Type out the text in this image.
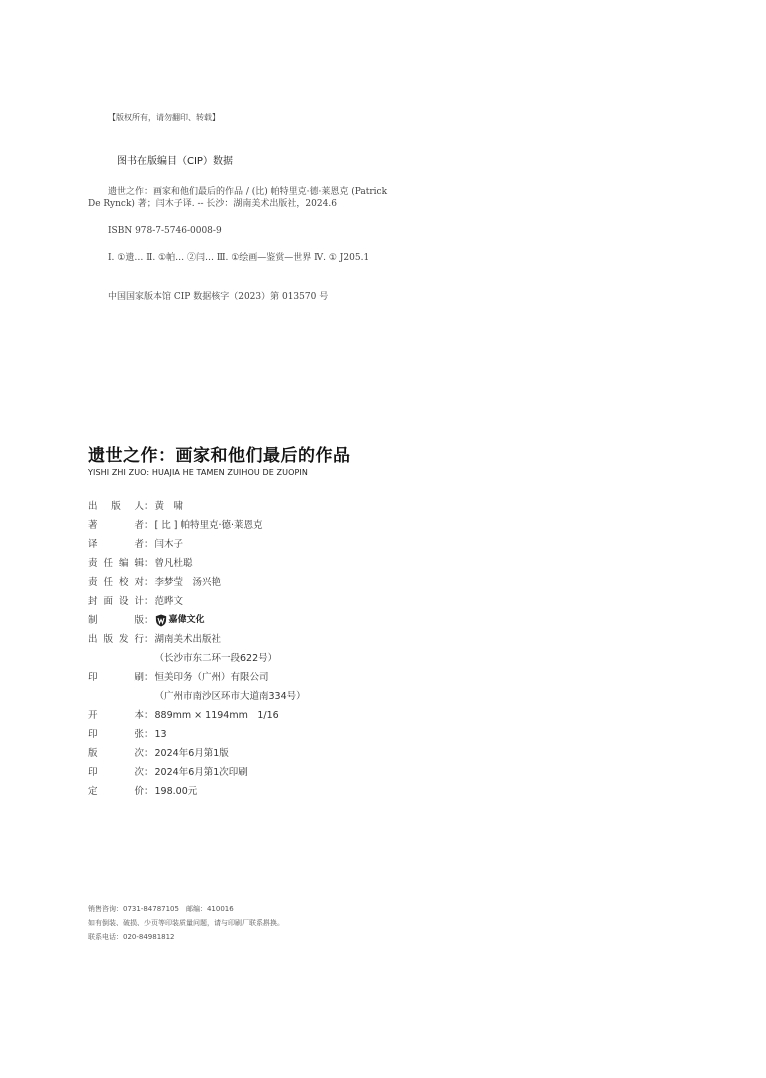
【版权所有，请勿翻印、转载】
图书在版编目（CIP）数据
遗世之作：画家和他们最后的作品 / (比) 帕特里克·德·莱恩克 (Patrick De Rynck) 著；闫木子译. -- 长沙：湖南美术出版社，2024.6
ISBN 978-7-5746-0008-9
Ⅰ. ①遗… Ⅱ. ①帕… ②闫… Ⅲ. ①绘画—鉴赏—世界 Ⅳ. ① J205.1
中国国家版本馆 CIP 数据核字（2023）第 013570 号
遗世之作：画家和他们最后的作品
YISHI ZHI ZUO: HUAJIA HE TAMEN ZUIHOU DE ZUOPIN
出版人 ： 黄　啸
著者 ： [ 比 ] 帕特里克·德·莱恩克
译者 ： 闫木子
责任编辑 ： 曾凡杜聪
责任校对 ： 李梦莹　汤兴艳
封面设计 ： 范晔文
制版 ： 嘉偉文化
出版发行 ： 湖南美术出版社

（长沙市东二环一段622号）
印刷 ： 恒美印务（广州）有限公司

（广州市南沙区环市大道南334号）
开本 ： 889mm × 1194mm　1/16
印张 ： 13
版次 ： 2024年6月第1版
印次 ： 2024年6月第1次印刷
定价 ： 198.00元
销售咨询：0731-84787105　邮编：410016
如有倒装、破损、少页等印装质量问题，请与印刷厂联系斟换。
联系电话：020-84981812
